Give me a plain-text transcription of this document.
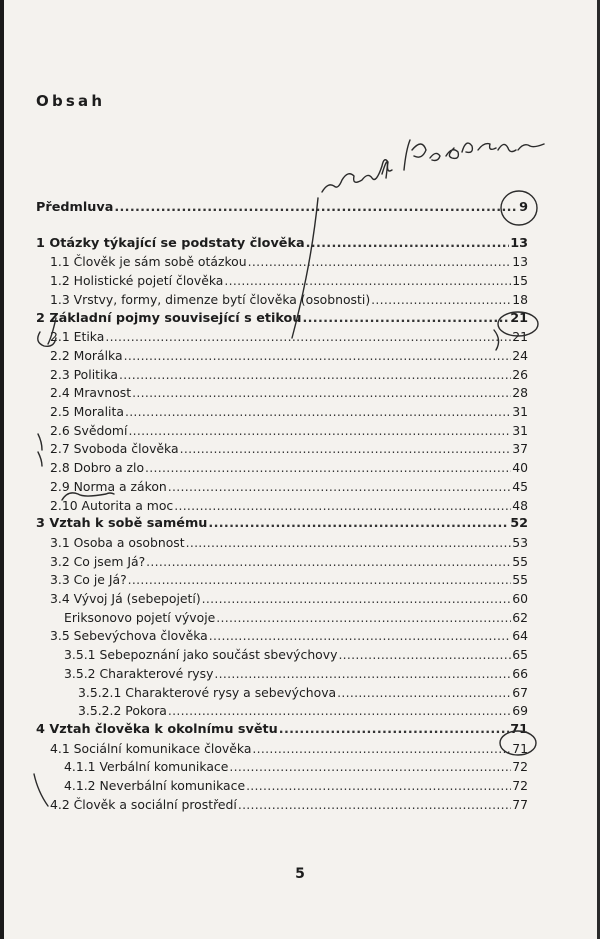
Obsah
Předmluva .....	9
1 Otázky týkající se podstaty člověka .....	13
1.1 Člověk je sám sobě otázkou .....	13
1.2 Holistické pojetí člověka .....	15
1.3 Vrstvy, formy, dimenze bytí člověka (osobnosti) .....	18
2 Základní pojmy související s etikou .....	21
2.1 Etika .....	21
2.2 Morálka .....	24
2.3 Politika .....	26
2.4 Mravnost .....	28
2.5 Moralita .....	31
2.6 Svědomí .....	31
2.7 Svoboda člověka .....	37
2.8 Dobro a zlo .....	40
2.9 Norma a zákon .....	45
2.10 Autorita a moc .....	48
3 Vztah k sobě samému .....	52
3.1 Osoba a osobnost .....	53
3.2 Co jsem Já? .....	55
3.3 Co je Já? .....	55
3.4 Vývoj Já (sebepojetí) .....	60
Eriksonovo pojetí vývoje .....	62
3.5 Sebevýchova člověka .....	64
3.5.1 Sebepoznání jako součást sbevýchovy .....	65
3.5.2 Charakterové rysy .....	66
3.5.2.1 Charakterové rysy a sebevýchova .....	67
3.5.2.2 Pokora .....	69
4 Vztah člověka k okolnímu světu .....	71
4.1 Sociální komunikace člověka .....	71
4.1.1 Verbální komunikace .....	72
4.1.2 Neverbální komunikace .....	72
4.2 Člověk a sociální prostředí .....	77
5
